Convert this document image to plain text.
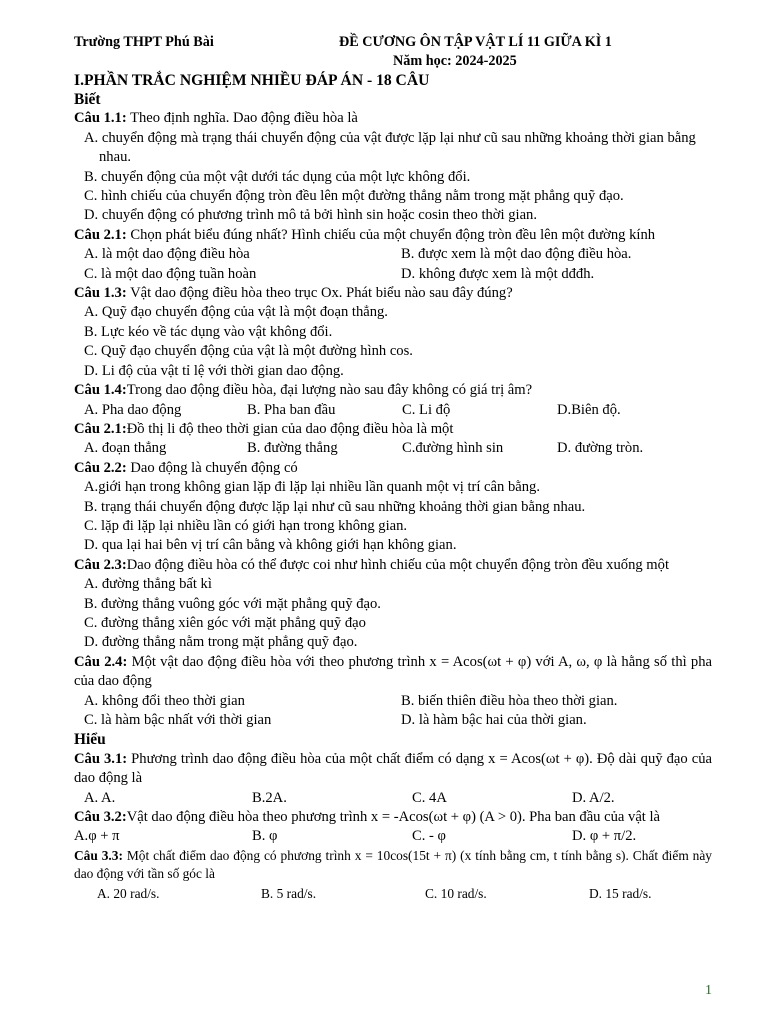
Trường THPT Phú Bài	ĐỀ CƯƠNG ÔN TẬP VẬT LÍ 11 GIỮA KÌ 1
Năm học: 2024-2025
I.PHẦN TRẮC NGHIỆM NHIỀU ĐÁP ÁN - 18 CÂU
Biết
Câu 1.1: Theo định nghĩa. Dao động điều hòa là
A. chuyển động mà trạng thái chuyển động của vật được lặp lại như cũ sau những khoảng thời gian bằng nhau.
B. chuyển động của một vật dưới tác dụng của một lực không đổi.
C. hình chiếu của chuyển động tròn đều lên một đường thẳng nằm trong mặt phẳng quỹ đạo.
D. chuyển động có phương trình mô tả bởi hình sin hoặc cosin theo thời gian.
Câu 2.1: Chọn phát biểu đúng nhất? Hình chiếu của một chuyển động tròn đều lên một đường kính
A. là một dao động điều hòa	B. được xem là một dao động điều hòa.
C. là một dao động tuần hoàn	D. không được xem là một dđđh.
Câu 1.3: Vật dao động điều hòa theo trục Ox. Phát biểu nào sau đây đúng?
A. Quỹ đạo chuyển động của vật là một đoạn thẳng.
B. Lực kéo về tác dụng vào vật không đổi.
C. Quỹ đạo chuyển động của vật là một đường hình cos.
D. Li độ của vật tỉ lệ với thời gian dao động.
Câu 1.4:Trong dao động điều hòa, đại lượng nào sau đây không có giá trị âm?
A. Pha dao động	B. Pha ban đầu	C. Li độ	D.Biên độ.
Câu 2.1:Đồ thị li độ theo thời gian của dao động điều hòa là một
A. đoạn thẳng	B. đường thẳng	C.đường hình sin	D. đường tròn.
Câu 2.2: Dao động là chuyển động có
A.giới hạn trong không gian lặp đi lặp lại nhiều lần quanh một vị trí cân bằng.
B. trạng thái chuyển động được lặp lại như cũ sau những khoảng thời gian bằng nhau.
C. lặp đi lặp lại nhiều lần có giới hạn trong không gian.
D. qua lại hai bên vị trí cân bằng và không giới hạn không gian.
Câu 2.3:Dao động điều hòa có thể được coi như hình chiếu của một chuyển động tròn đều xuống một
A. đường thẳng bất kì
B. đường thẳng vuông góc với mặt phẳng quỹ đạo.
C. đường thẳng xiên góc với mặt phẳng quỹ đạo
D. đường thẳng nằm trong mặt phẳng quỹ đạo.
Câu 2.4: Một vật dao động điều hòa với theo phương trình x = Acos(ωt + φ) với A, ω, φ là hằng số thì pha của dao động
A. không đổi theo thời gian	B. biến thiên điều hòa theo thời gian.
C. là hàm bậc nhất với thời gian	D. là hàm bậc hai của thời gian.
Hiểu
Câu 3.1: Phương trình dao động điều hòa của một chất điểm có dạng x = Acos(ωt + φ). Độ dài quỹ đạo của dao động là
A. A.	B.2A.	C. 4A	D. A/2.
Câu 3.2:Vật dao động điều hòa theo phương trình x = -Acos(ωt + φ) (A > 0). Pha ban đầu của vật là
A.φ + π	B. φ	C. - φ	D. φ + π/2.
Câu 3.3: Một chất điểm dao động có phương trình x = 10cos(15t + π) (x tính bằng cm, t tính bằng s). Chất điểm này dao động với tần số góc là
A. 20 rad/s.	B. 5 rad/s.	C. 10 rad/s.	D. 15 rad/s.
1
